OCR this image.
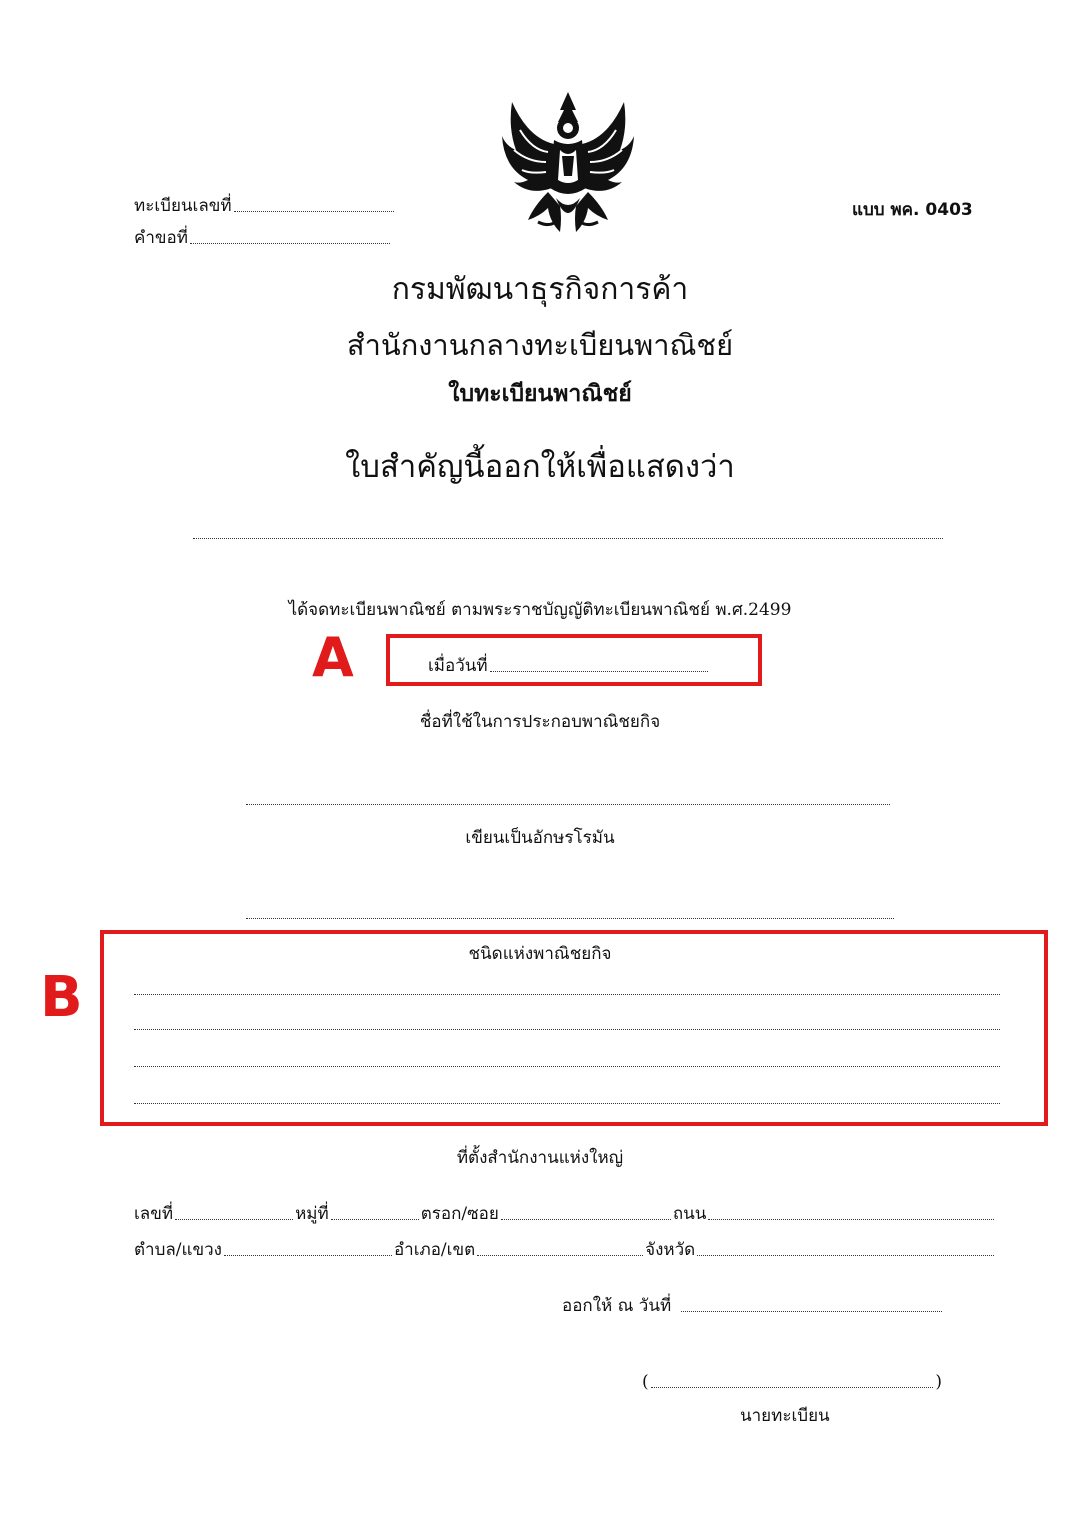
ทะเบียนเลขที่
คำขอที่
แบบ พค. 0403
กรมพัฒนาธุรกิจการค้า
สำนักงานกลางทะเบียนพาณิชย์
ใบทะเบียนพาณิชย์
ใบสำคัญนี้ออกให้เพื่อแสดงว่า
ได้จดทะเบียนพาณิชย์ ตามพระราชบัญญัติทะเบียนพาณิชย์ พ.ศ.2499
A	เมื่อวันที่
ชื่อที่ใช้ในการประกอบพาณิชยกิจ
เขียนเป็นอักษรโรมัน
B
ชนิดแห่งพาณิชยกิจ
ที่ตั้งสำนักงานแห่งใหญ่
เลขที่	หมู่ที่	ตรอก/ซอย	ถนน
ตำบล/แขวง	อำเภอ/เขต	จังหวัด
ออกให้ ณ วันที่
(	)
นายทะเบียน
